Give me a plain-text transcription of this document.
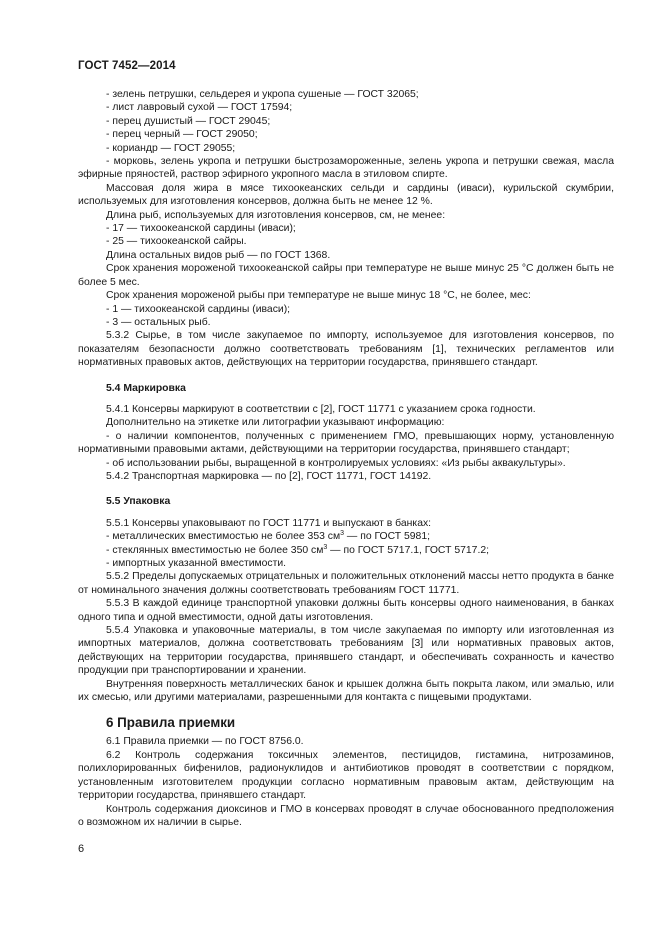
ГОСТ 7452—2014

- зелень петрушки, сельдерея и укропа сушеные — ГОСТ 32065;

- лист лавровый сухой — ГОСТ 17594;

- перец душистый — ГОСТ 29045;

- перец черный — ГОСТ 29050;

- кориандр — ГОСТ 29055;

- морковь, зелень укропа и петрушки быстрозамороженные, зелень укропа и петрушки свежая, масла эфирные пряностей, раствор эфирного укропного масла в этиловом спирте.

Массовая доля жира в мясе тихоокеанских сельди и сардины (иваси), курильской скумбрии, используемых для изготовления консервов, должна быть не менее 12 %.

Длина рыб, используемых для изготовления консервов, см, не менее:

- 17 — тихоокеанской сардины (иваси);

- 25 — тихоокеанской сайры.

Длина остальных видов рыб — по ГОСТ 1368.

Срок хранения мороженой тихоокеанской сайры при температуре не выше минус 25 °С должен быть не более 5 мес.

Срок хранения мороженой рыбы при температуре не выше минус 18 °С, не более, мес:

- 1 — тихоокеанской сардины (иваси);

- 3 — остальных рыб.

5.3.2 Сырье, в том числе закупаемое по импорту, используемое для изготовления консервов, по показателям безопасности должно соответствовать требованиям [1], технических регламентов или нормативных правовых актов, действующих на территории государства, принявшего стандарт.

5.4 Маркировка

5.4.1 Консервы маркируют в соответствии с [2], ГОСТ 11771 с указанием срока годности.

Дополнительно на этикетке или литографии указывают информацию:

- о наличии компонентов, полученных с применением ГМО, превышающих норму, установленную нормативными правовыми актами, действующими на территории государства, принявшего стандарт;

- об использовании рыбы, выращенной в контролируемых условиях: «Из рыбы аквакультуры».

5.4.2 Транспортная маркировка — по [2], ГОСТ 11771, ГОСТ 14192.

5.5 Упаковка

5.5.1 Консервы упаковывают по ГОСТ 11771 и выпускают в банках:

- металлических вместимостью не более 353 $см^3$ — по ГОСТ 5981;

- стеклянных вместимостью не более 350 $см^3$ — по ГОСТ 5717.1, ГОСТ 5717.2;

- импортных указанной вместимости.

5.5.2 Пределы допускаемых отрицательных и положительных отклонений массы нетто продукта в банке от номинального значения должны соответствовать требованиям ГОСТ 11771.

5.5.3 В каждой единице транспортной упаковки должны быть консервы одного наименования, в банках одного типа и одной вместимости, одной даты изготовления.

5.5.4 Упаковка и упаковочные материалы, в том числе закупаемая по импорту или изготовленная из импортных материалов, должна соответствовать требованиям [3] или нормативных правовых актов, действующих на территории государства, принявшего стандарт, и обеспечивать сохранность и качество продукции при транспортировании и хранении.

Внутренняя поверхность металлических банок и крышек должна быть покрыта лаком, или эмалью, или их смесью, или другими материалами, разрешенными для контакта с пищевыми продуктами.

6 Правила приемки

6.1 Правила приемки — по ГОСТ 8756.0.

6.2 Контроль содержания токсичных элементов, пестицидов, гистамина, нитрозаминов, полихлорированных бифенилов, радионуклидов и антибиотиков проводят в соответствии с порядком, установленным изготовителем продукции согласно нормативным правовым актам, действующим на территории государства, принявшего стандарт.

Контроль содержания диоксинов и ГМО в консервах проводят в случае обоснованного предположения о возможном их наличии в сырье.

6
